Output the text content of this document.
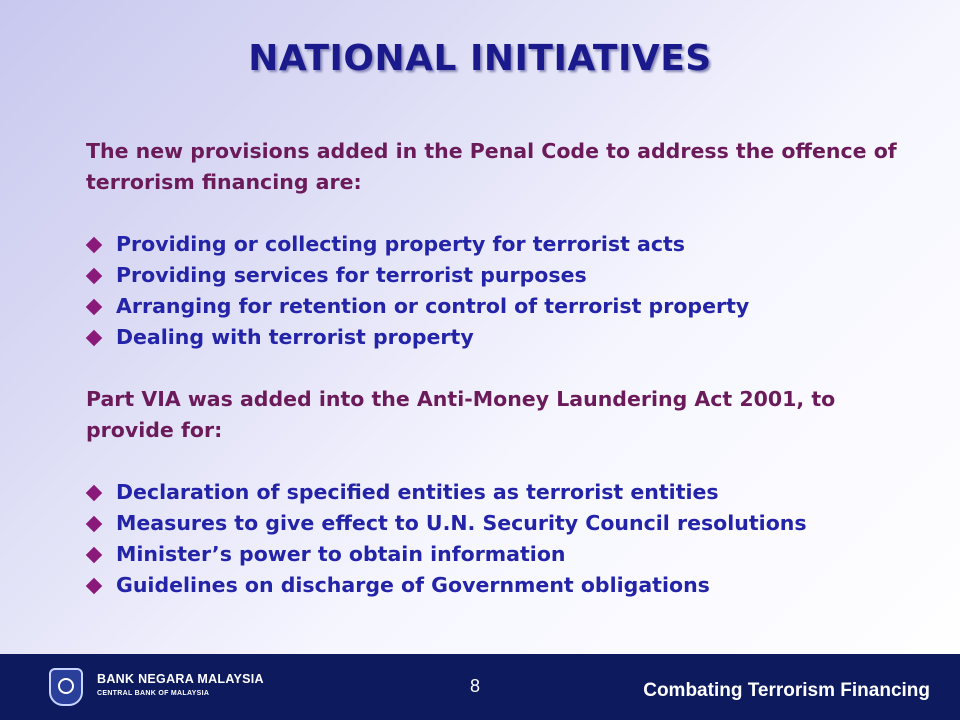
NATIONAL INITIATIVES

The new provisions added in the Penal Code to address the offence of terrorism financing are:

Providing or collecting property for terrorist acts
Providing services for terrorist purposes
Arranging for retention or control of terrorist property
Dealing with terrorist property

Part VIA was added into the Anti-Money Laundering Act 2001, to provide for:

Declaration of specified entities as terrorist entities
Measures to give effect to U.N. Security Council resolutions
Minister’s power to obtain information
Guidelines on discharge of Government obligations
BANK NEGARA MALAYSIA
CENTRAL BANK OF MALAYSIA	8	Combating Terrorism Financing
